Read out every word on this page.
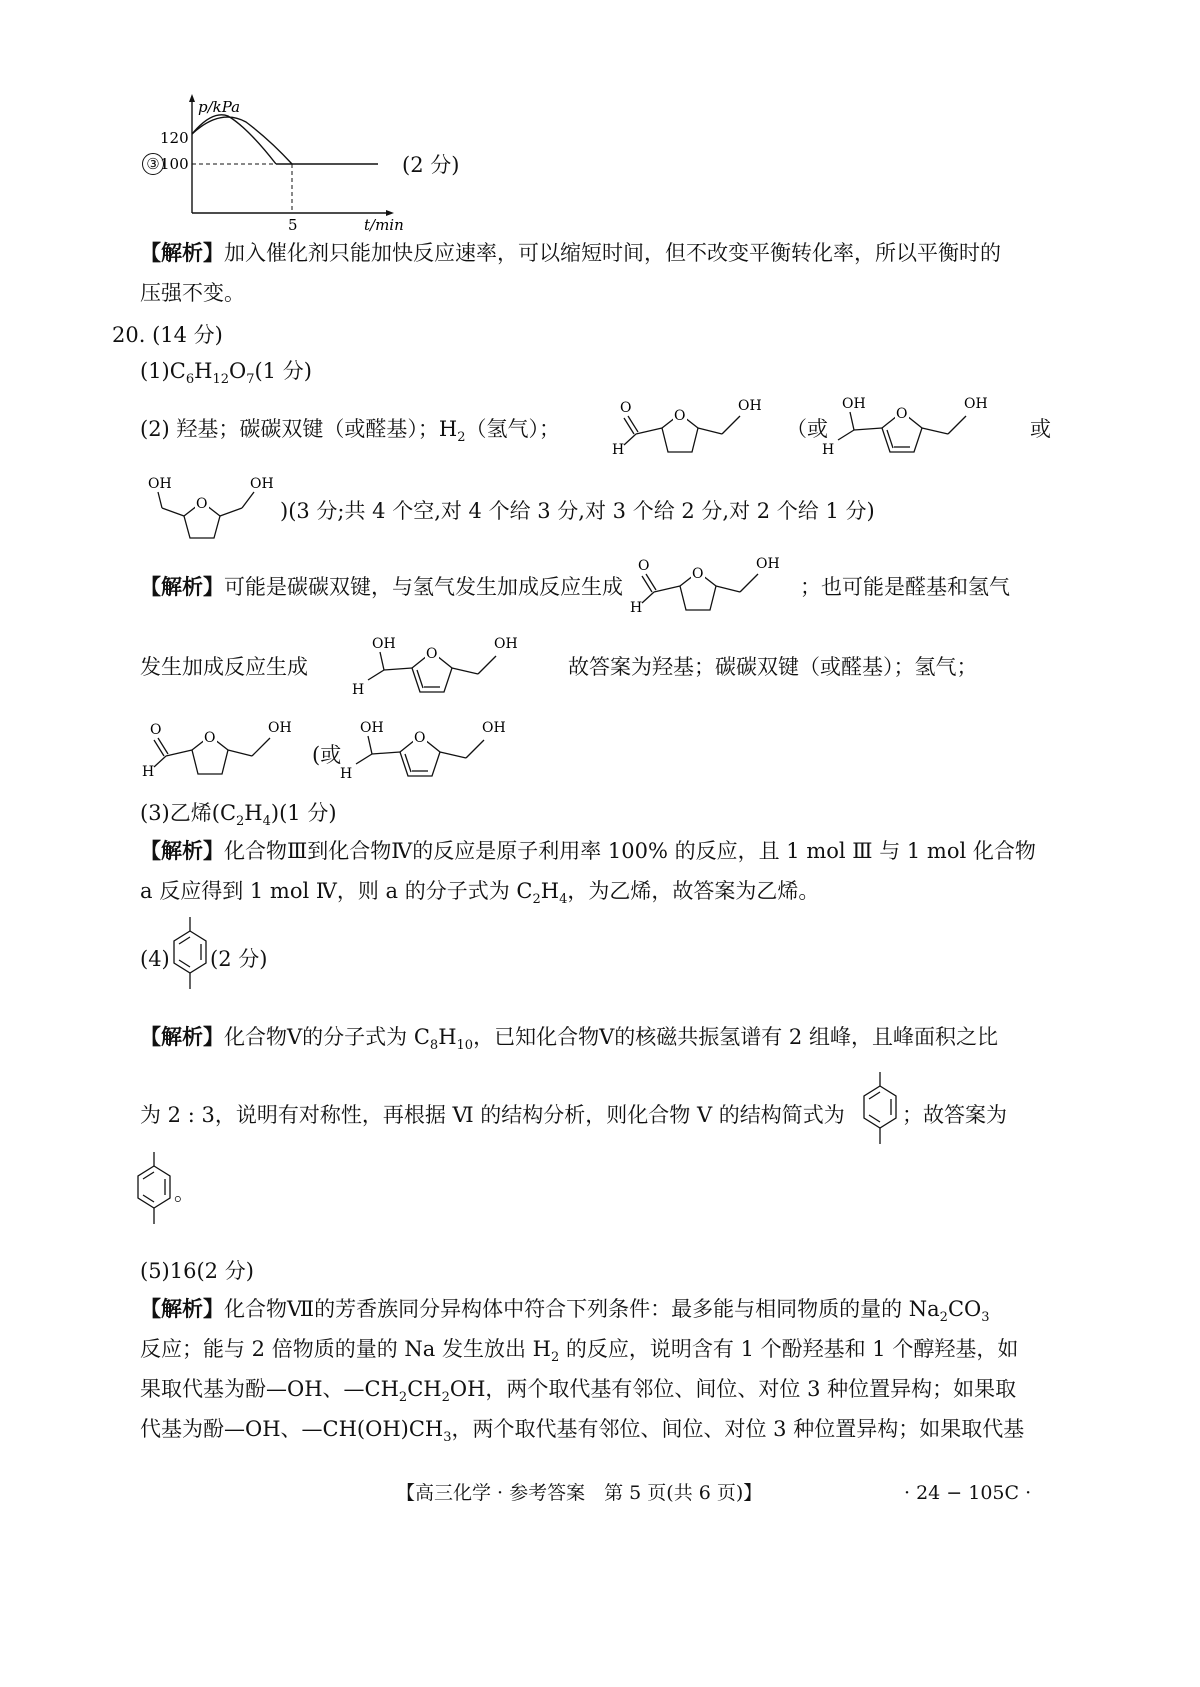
p/kPa
120
100
5	t/min
③	(2 分)
【解析】加入催化剂只能加快反应速率，可以缩短时间，但不改变平衡转化率，所以平衡时的
压强不变。
20. (14 分)
$(1)C_6H_{12}O_7(1$ 分)
(2) 羟基；碳碳双键（或醛基）；$H_2$（氢气）；
O
H
O
OH
（或
OH
H
O
OH
或
OH
O
OH
)(3 分;共 4 个空,对 4 个给 3 分,对 3 个给 2 分,对 2 个给 1 分)
【解析】可能是碳碳双键，与氢气发生加成反应生成
O
H
O
OH
；也可能是醛基和氢气
发生加成反应生成
OH
H
O
OH
故答案为羟基；碳碳双键（或醛基）；氢气；
O
H
O
OH
(或
OH
H
O
OH
(3)乙烯$(C_2H_4)(1$ 分)
【解析】化合物Ⅲ到化合物Ⅳ的反应是原子利用率 100% 的反应，且 1 mol Ⅲ 与 1 mol 化合物
a 反应得到 1 mol Ⅳ，则 a 的分子式为 $C_2H_4$，为乙烯，故答案为乙烯。
(4) (2 分)
【解析】化合物Ⅴ的分子式为 $C_8H_{10}$，已知化合物Ⅴ的核磁共振氢谱有 2 组峰，且峰面积之比
为 2 : 3，说明有对称性，再根据 Ⅵ 的结构分析，则化合物 Ⅴ 的结构简式为	；故答案为
。
(5)16(2 分)
【解析】化合物Ⅶ的芳香族同分异构体中符合下列条件：最多能与相同物质的量的 $Na_2CO_3$
反应；能与 2 倍物质的量的 Na 发生放出 $H_2$ 的反应，说明含有 1 个酚羟基和 1 个醇羟基，如
果取代基为酚—OH、$—CH_2CH_2OH$，两个取代基有邻位、间位、对位 3 种位置异构；如果取
代基为酚—OH、$—CH(OH)CH_3$，两个取代基有邻位、间位、对位 3 种位置异构；如果取代基
【高三化学 · 参考答案　第 5 页(共 6 页)】	· 24 − 105C ·
